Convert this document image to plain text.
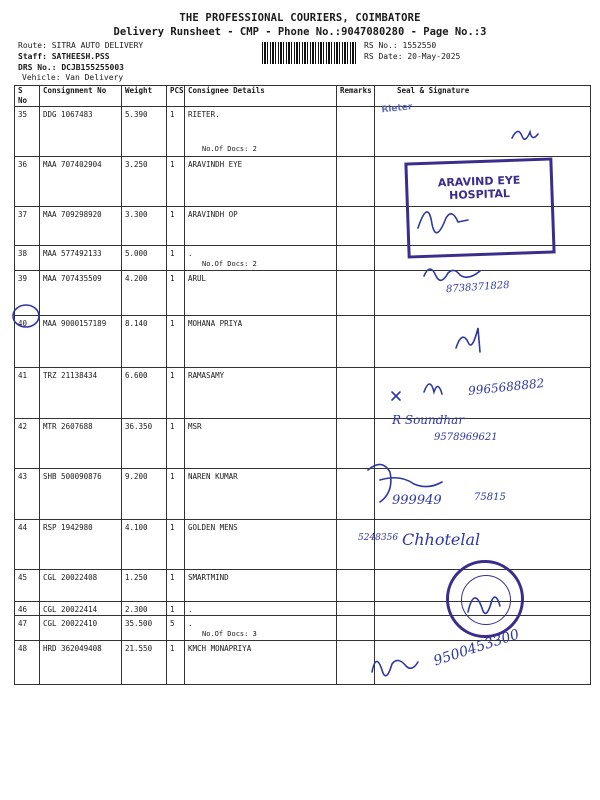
THE PROFESSIONAL COURIERS, COIMBATORE
Delivery Runsheet - CMP - Phone No.:9047080280 - Page No.:3
Route: SITRA AUTO DELIVERY
Staff: SATHEESH.PSS
DRS No.: DCJB155255003
Vehicle: Van Delivery
RS No.: 1552550
RS Date: 20-May-2025
S No	Consignment No	Weight	PCS	Consignee Details	Remarks	Seal & Signature

35	DDG 1067483	5.390	1	RIETER.
No.Of Docs: 2		

36	MAA 707402904	3.250	1	ARAVINDH EYE		

37	MAA 709298920	3.300	1	ARAVINDH OP		

38	MAA 577492133	5.000	1	.
No.Of Docs: 2		

39	MAA 707435509	4.200	1	ARUL		

40	MAA 9000157189	8.140	1	MOHANA PRIYA		

41	TRZ 21138434	6.600	1	RAMASAMY		

42	MTR 2607688	36.350	1	MSR		

43	SHB 500090876	9.200	1	NAREN KUMAR		

44	RSP 1942980	4.100	1	GOLDEN MENS		

45	CGL 20022408	1.250	1	SMARTMIND		

46	CGL 20022414	2.300	1	.		

47	CGL 20022410	35.500	5	.
No.Of Docs: 3		

48	HRD 362049408	21.550	1	KMCH MONAPRIYA		

Rieter
ARAVIND EYE HOSPITAL
R Soundhar
9578969621
9965688882
Chhotelal
9500453300
8738371828
999949	75815
5248356
